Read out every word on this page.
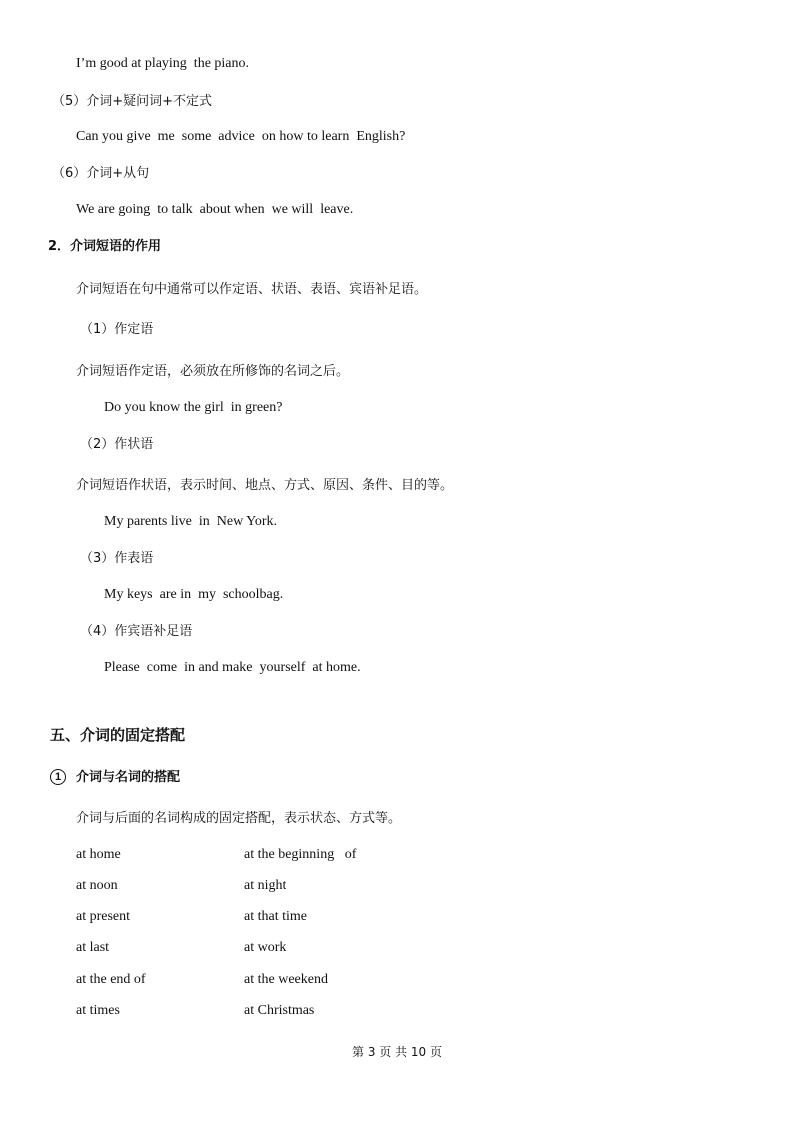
I’m good at playing  the piano.
（5）介词+疑问词+不定式
Can you give  me  some  advice  on how to learn  English?
（6）介词+从句
We are going  to talk  about when  we will  leave.
2．介词短语的作用
介词短语在句中通常可以作定语、状语、表语、宾语补足语。
（1）作定语
介词短语作定语，必须放在所修饰的名词之后。
Do you know the girl  in green?
（2）作状语
介词短语作状语，表示时间、地点、方式、原因、条件、目的等。
My parents live  in  New York.
（3）作表语
My keys  are in  my  schoolbag.
（4）作宾语补足语
Please  come  in and make  yourself  at home.
五、介词的固定搭配
1	介词与名词的搭配
介词与后面的名词构成的固定搭配，表示状态、方式等。
at home	at the beginning   of
at noon	at night
at present	at that time
at last	at work
at the end of	at the weekend
at times	at Christmas
第 3 页 共 10 页
